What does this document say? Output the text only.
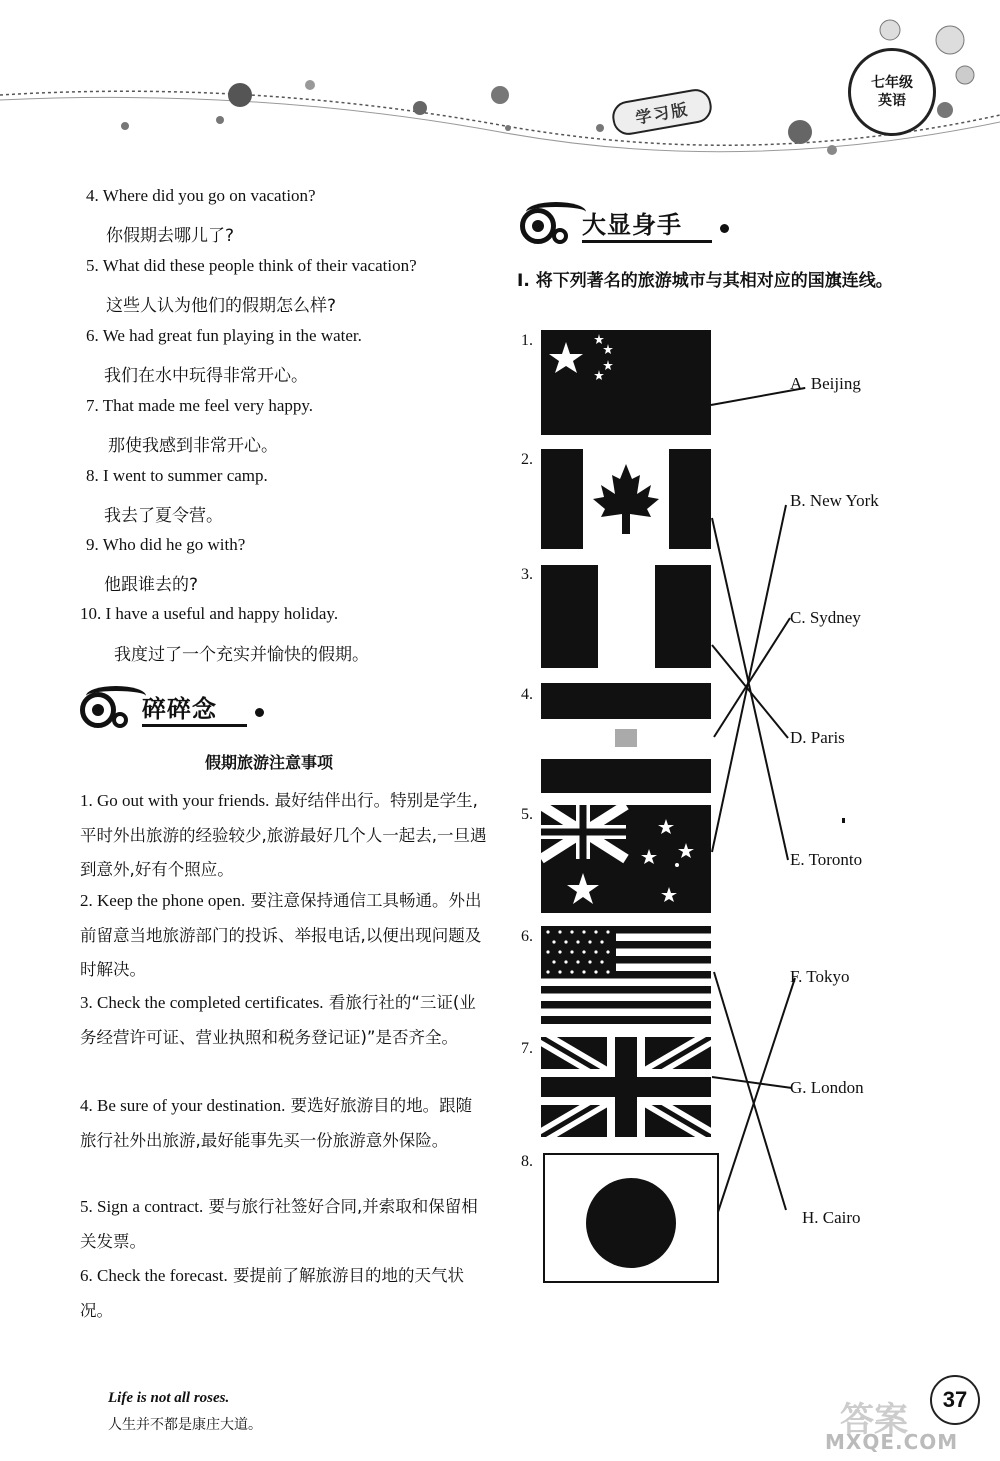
学习版
七年级
英语
4. Where did you go on vacation?
你假期去哪儿了?
5. What did these people think of their vacation?
这些人认为他们的假期怎么样?
6. We had great fun playing in the water.
我们在水中玩得非常开心。
7. That made me feel very happy.
那使我感到非常开心。
8. I went to summer camp.
我去了夏令营。
9. Who did he go with?
他跟谁去的?
10. I have a useful and happy holiday.
我度过了一个充实并愉快的假期。
碎碎念
假期旅游注意事项
1. Go out with your friends. 最好结伴出行。特别是学生,平时外出旅游的经验较少,旅游最好几个人一起去,一旦遇到意外,好有个照应。
2. Keep the phone open. 要注意保持通信工具畅通。外出前留意当地旅游部门的投诉、举报电话,以便出现问题及时解决。
3. Check the completed certificates. 看旅行社的“三证(业务经营许可证、营业执照和税务登记证)”是否齐全。
4. Be sure of your destination. 要选好旅游目的地。跟随旅行社外出旅游,最好能事先买一份旅游意外保险。
5. Sign a contract. 要与旅行社签好合同,并索取和保留相关发票。
6. Check the forecast. 要提前了解旅游目的地的天气状况。
大显身手
Ⅰ. 将下列著名的旅游城市与其相对应的国旗连线。
1.
2.
3.
4.
5.
6.
7.
8.
A. Beijing
B. New York
C. Sydney
D. Paris
E. Toronto
F. Tokyo
G. London
H. Cairo
Life is not all roses.
人生并不都是康庄大道。	答案
37
MXQE.COM
